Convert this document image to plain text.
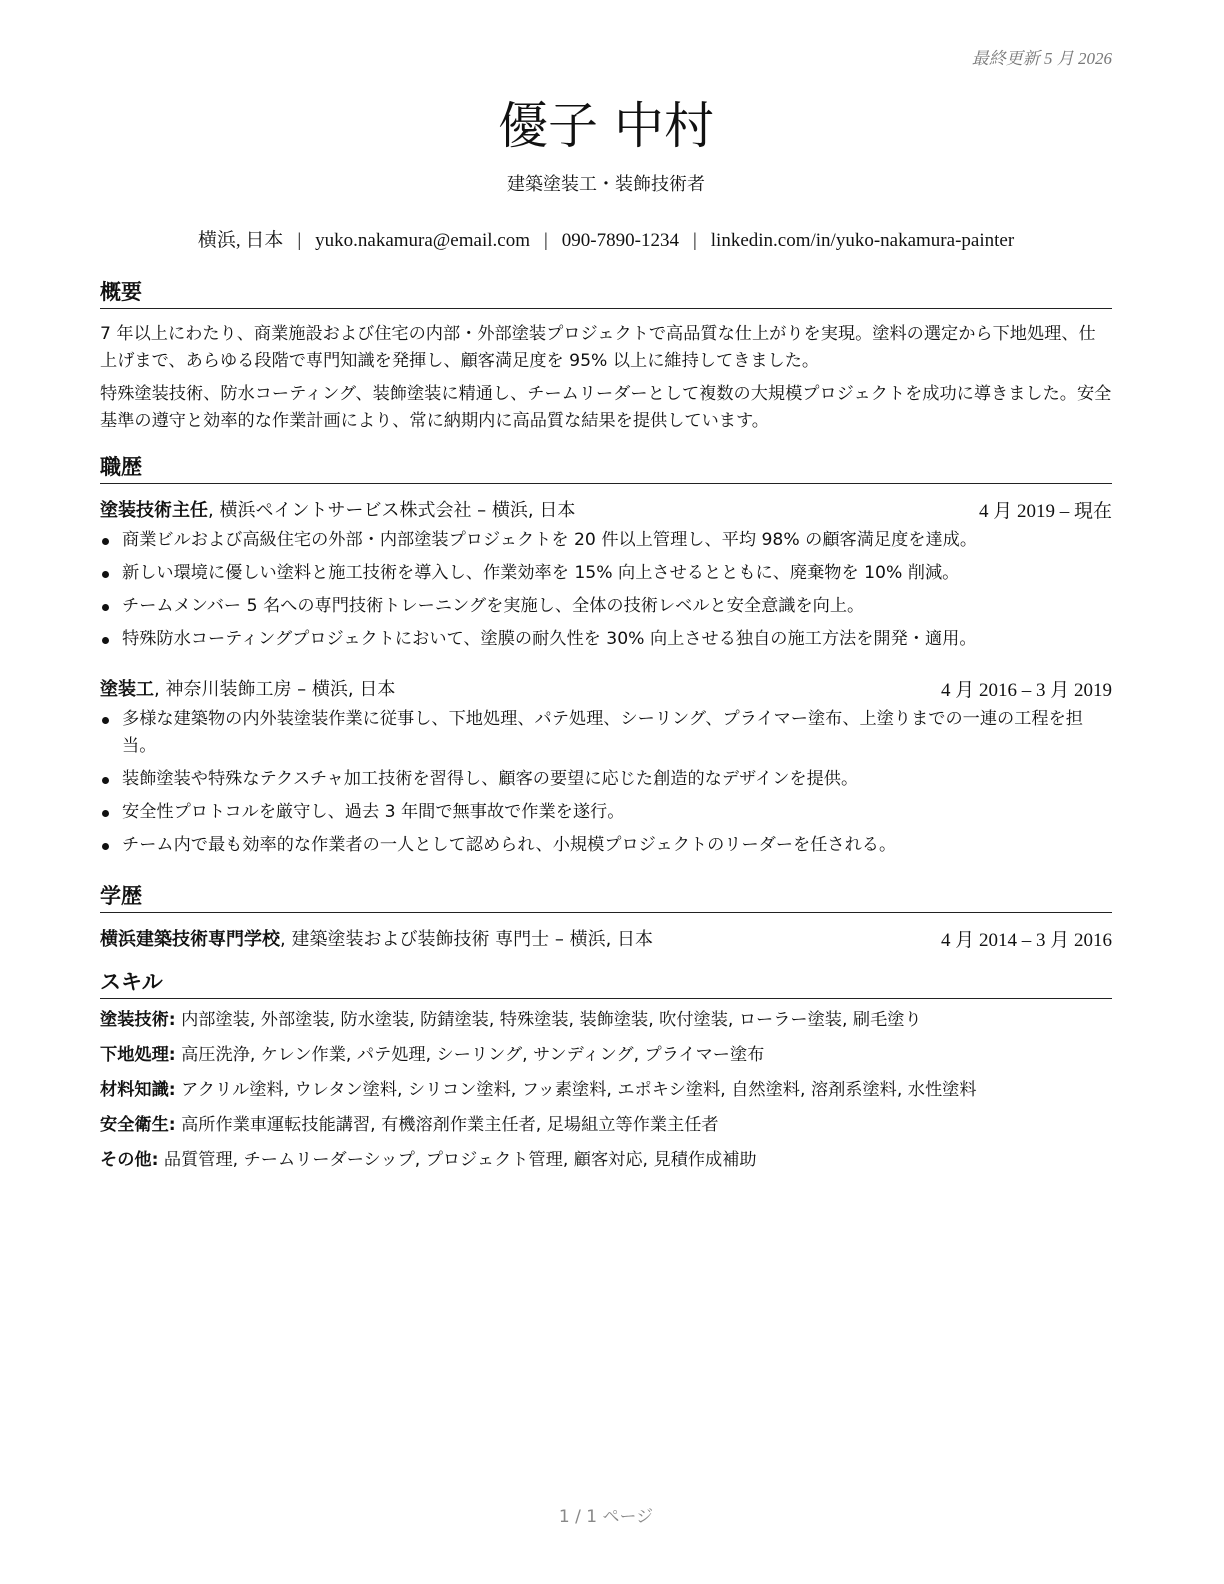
最終更新 5 月 2026
優子 中村
建築塗装工・装飾技術者
横浜, 日本 | yuko.nakamura@email.com | 090-7890-1234 | linkedin.com/in/yuko-nakamura-painter
概要

7 年以上にわたり、商業施設および住宅の内部・外部塗装プロジェクトで高品質な仕上がりを実現。塗料の選定から下地処理、仕上げまで、あらゆる段階で専門知識を発揮し、顧客満足度を 95% 以上に維持してきました。

特殊塗装技術、防水コーティング、装飾塗装に精通し、チームリーダーとして複数の大規模プロジェクトを成功に導きました。安全基準の遵守と効率的な作業計画により、常に納期内に高品質な結果を提供しています。

職歴
塗装技術主任, 横浜ペイントサービス株式会社 – 横浜, 日本	4 月 2019 – 現在
商業ビルおよび高級住宅の外部・内部塗装プロジェクトを 20 件以上管理し、平均 98% の顧客満足度を達成。
新しい環境に優しい塗料と施工技術を導入し、作業効率を 15% 向上させるとともに、廃棄物を 10% 削減。
チームメンバー 5 名への専門技術トレーニングを実施し、全体の技術レベルと安全意識を向上。
特殊防水コーティングプロジェクトにおいて、塗膜の耐久性を 30% 向上させる独自の施工方法を開発・適用。
塗装工, 神奈川装飾工房 – 横浜, 日本	4 月 2016 – 3 月 2019
多様な建築物の内外装塗装作業に従事し、下地処理、パテ処理、シーリング、プライマー塗布、上塗りまでの一連の工程を担当。
装飾塗装や特殊なテクスチャ加工技術を習得し、顧客の要望に応じた創造的なデザインを提供。
安全性プロトコルを厳守し、過去 3 年間で無事故で作業を遂行。
チーム内で最も効率的な作業者の一人として認められ、小規模プロジェクトのリーダーを任される。
学歴
横浜建築技術専門学校, 建築塗装および装飾技術 専門士 – 横浜, 日本	4 月 2014 – 3 月 2016
スキル
塗装技術: 内部塗装, 外部塗装, 防水塗装, 防錆塗装, 特殊塗装, 装飾塗装, 吹付塗装, ローラー塗装, 刷毛塗り
下地処理: 高圧洗浄, ケレン作業, パテ処理, シーリング, サンディング, プライマー塗布
材料知識: アクリル塗料, ウレタン塗料, シリコン塗料, フッ素塗料, エポキシ塗料, 自然塗料, 溶剤系塗料, 水性塗料
安全衛生: 高所作業車運転技能講習, 有機溶剤作業主任者, 足場組立等作業主任者
その他: 品質管理, チームリーダーシップ, プロジェクト管理, 顧客対応, 見積作成補助
1 / 1 ページ
